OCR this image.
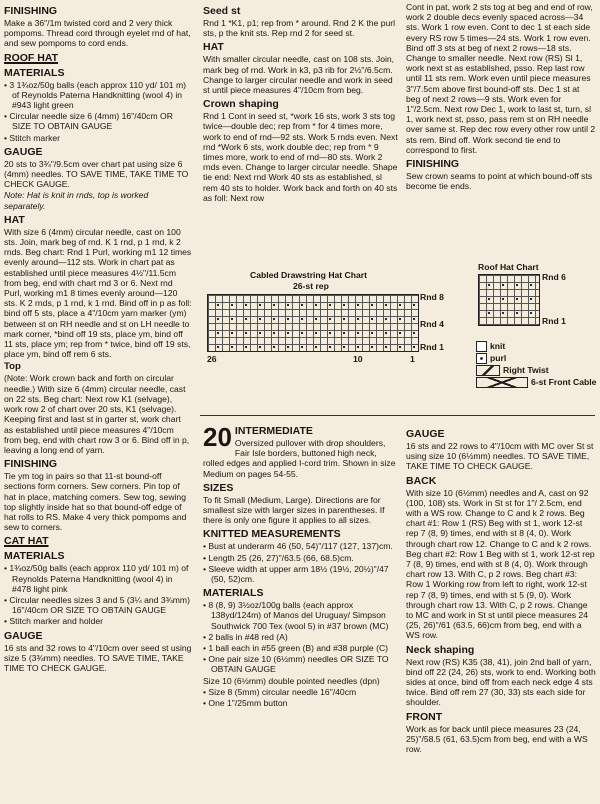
FINISHING

Make a 36"/1m twisted cord and 2 very thick pompoms. Thread cord through eyelet rnd of hat, and sew pompoms to cord ends.

ROOF HAT

MATERIALS

• 3 1¾oz/50g balls (each approx 110 yd/ 101 m) of Reynolds Paterna Handknitting (wool 4) in #943 light green

• Circular needle size 6 (4mm) 16"/40cm OR SIZE TO OBTAIN GAUGE

• Stitch marker

GAUGE

20 sts to 3¾"/9.5cm over chart pat using size 6 (4mm) needles. TO SAVE TIME, TAKE TIME TO CHECK GAUGE.

Note: Hat is knit in rnds, top is worked separately.

HAT

With size 6 (4mm) circular needle, cast on 100 sts. Join, mark beg of rnd. K 1 rnd, p 1 rnd, k 2 rnds. Beg chart: Rnd 1 Purl, working m1 12 times evenly around—112 sts. Work in chart pat as established until piece measures 4½"/11.5cm from beg, end with chart rnd 3 or 6. Next rnd Purl, working m1 8 times evenly around—120 sts. K 2 rnds, p 1 rnd, k 1 rnd. Bind off in p as foll: bind off 5 sts, place a 4"/10cm yarn marker (ym) between st on RH needle and st on LH needle to mark corner, *bind off 19 sts, place ym, bind off 11 sts, place ym; rep from * twice, bind off 19 sts, place ym, bind off rem 6 sts.

Top

(Note: Work crown back and forth on circular needle.) With size 6 (4mm) circular needle, cast on 22 sts. Beg chart: Next row K1 (selvage), work row 2 of chart over 20 sts, K1 (selvage). Keeping first and last st in garter st, work chart as established until piece measures 4"/10cm from beg, end with chart row 3 or 6. Bind off in p, leaving a long end of yarn.

FINISHING

Tie ym tog in pairs so that 11-st bound-off sections form corners. Sew corners. Pin top of hat in place, matching corners. Sew tog, sewing top slightly inside hat so that bound-off edge of hat rolls to RS. Make 4 very thick pompoms and sew to corners.

CAT HAT

MATERIALS

• 1¾oz/50g balls (each approx 110 yd/ 101 m) of Reynolds Paterna Handknitting (wool 4) in #478 light pink

• Circular needles sizes 3 and 5 (3¼ and 3¾mm) 16"/40cm OR SIZE TO OBTAIN GAUGE

• Stitch marker and holder

GAUGE

16 sts and 32 rows to 4"/10cm over seed st using size 5 (3¾mm) needles. TO SAVE TIME, TAKE TIME TO CHECK GAUGE.

Seed st

Rnd 1 *K1, p1; rep from * around. Rnd 2 K the purl sts, p the knit sts. Rep rnd 2 for seed st.

HAT

With smaller circular needle, cast on 108 sts. Join, mark beg of rnd. Work in k3, p3 rib for 2½"/6.5cm. Change to larger circular needle and work in seed st until piece measures 4"/10cm from beg.

Crown shaping

Rnd 1 Cont in seed st, *work 16 sts, work 3 sts tog twice—double dec; rep from * for 4 times more, work to end of rnd—92 sts. Work 5 rnds even. Next rnd *Work 6 sts, work double dec; rep from * 9 times more, work to end of rnd—80 sts. Work 2 rnds even. Change to larger circular needle. Shape tie end: Next rnd Work 40 sts as established, sl rem 40 sts to holder. Work back and forth on 40 sts as foll: Next row

Cont in pat, work 2 sts tog at beg and end of row, work 2 double decs evenly spaced across—34 sts. Work 1 row even. Cont to dec 1 st each side every RS row 5 times—24 sts. Work 1 row even. Bind off 3 sts at beg of next 2 rows—18 sts. Change to smaller needle. Next row (RS) Sl 1, work next st as established, psso. Rep last row until 11 sts rem. Work even until piece measures 3"/7.5cm above first bound-off sts. Dec 1 st at beg of next 2 rows—9 sts. Work even for 1"/2.5cm. Next row Dec 1, work to last st, turn, sl 1, work next st, psso, pass rem st on RH needle over same st. Rep dec row every other row until 2 sts rem. Bind off. Work second tie end to correspond to first.

FINISHING

Sew crown seams to point at which bound-off sts become tie ends.

Cabled Drawstring Hat Chart
26-st rep
Rnd 8
Rnd 4
Rnd 1
26	10	1
Roof Hat Chart
Rnd 6
Rnd 1
knit
purl
Right Twist
6-st Front Cable
20 INTERMEDIATE

Oversized pullover with drop shoulders, Fair Isle borders, buttoned high neck, rolled edges and applied I-cord trim. Shown in size Medium on pages 54-55.

SIZES

To fit Small (Medium, Large). Directions are for smallest size with larger sizes in parentheses. If there is only one figure it applies to all sizes.

KNITTED MEASUREMENTS

• Bust at underarm 46 (50, 54)"/117 (127, 137)cm.

• Length 25 (26, 27)"/63.5 (66, 68.5)cm.

• Sleeve width at upper arm 18½ (19½, 20½)"/47 (50, 52)cm.

MATERIALS

• 8 (8, 9) 3½oz/100g balls (each approx 138yd/124m) of Manos del Uruguay/ Simpson Southwick 700 Tex (wool 5) in #37 brown (MC)

• 2 balls in #48 red (A)

• 1 ball each in #55 green (B) and #38 purple (C)

• One pair size 10 (6½mm) needles OR SIZE TO OBTAIN GAUGE

Size 10 (6½mm) double pointed needles (dpn)

• Size 8 (5mm) circular needle 16"/40cm

• One 1"/25mm button

GAUGE

16 sts and 22 rows to 4"/10cm with MC over St st using size 10 (6½mm) needles. TO SAVE TIME, TAKE TIME TO CHECK GAUGE.

BACK

With size 10 (6½mm) needles and A, cast on 92 (100, 108) sts. Work in St st for 1"/ 2.5cm, end with a WS row. Change to C and k 2 rows. Beg chart #1: Row 1 (RS) Beg with st 1, work 12-st rep 7 (8, 9) times, end with st 8 (4, 0). Work through chart row 12. Change to C and k 2 rows. Beg chart #2: Row 1 Beg with st 1, work 12-st rep 7 (8, 9) times, end with st 8 (4, 0). Work through chart row 13. With C, p 2 rows. Beg chart #3: Row 1 Working row from left to right, work 12-st rep 7 (8, 9) times, end with st 5 (9, 0). Work through chart row 13. With C, p 2 rows. Change to MC and work in St st until piece measures 24 (25, 26)"/61 (63.5, 66)cm from beg, end with a WS row.

Neck shaping

Next row (RS) K35 (38, 41), join 2nd ball of yarn, bind off 22 (24, 26) sts, work to end. Working both sides at once, bind off from each neck edge 4 sts twice. Bind off rem 27 (30, 33) sts each side for shoulder.

FRONT

Work as for back until piece measures 23 (24, 25)"/58.5 (61, 63.5)cm from beg, end with a WS row.
